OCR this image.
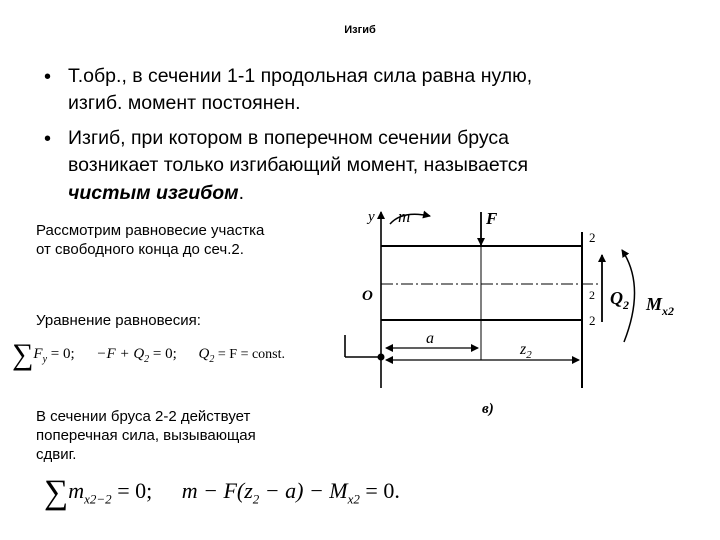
Изгиб
• Т.обр., в сечении 1-1 продольная сила равна нулю,
изгиб. момент постоянен.
• Изгиб, при котором в поперечном сечении бруса
возникает только изгибающий момент, называется
чистым изгибом.
Рассмотрим равновесие участка
от свободного конца до сеч.2.
Уравнение равновесия:
$\sum F_y = 0$; $-F + Q_2 = 0$; $Q_2 = F$ = const.
В сечении бруса 2-2 действует
поперечная сила, вызывающая
сдвиг.
$\sum m_{x2-2} = 0$; $m - F(z_2 - a) - M_{x2} = 0$.
y m	F
O
2
2
2
a
$z_2$
$Q_2$ $M_{x2}$
в)
